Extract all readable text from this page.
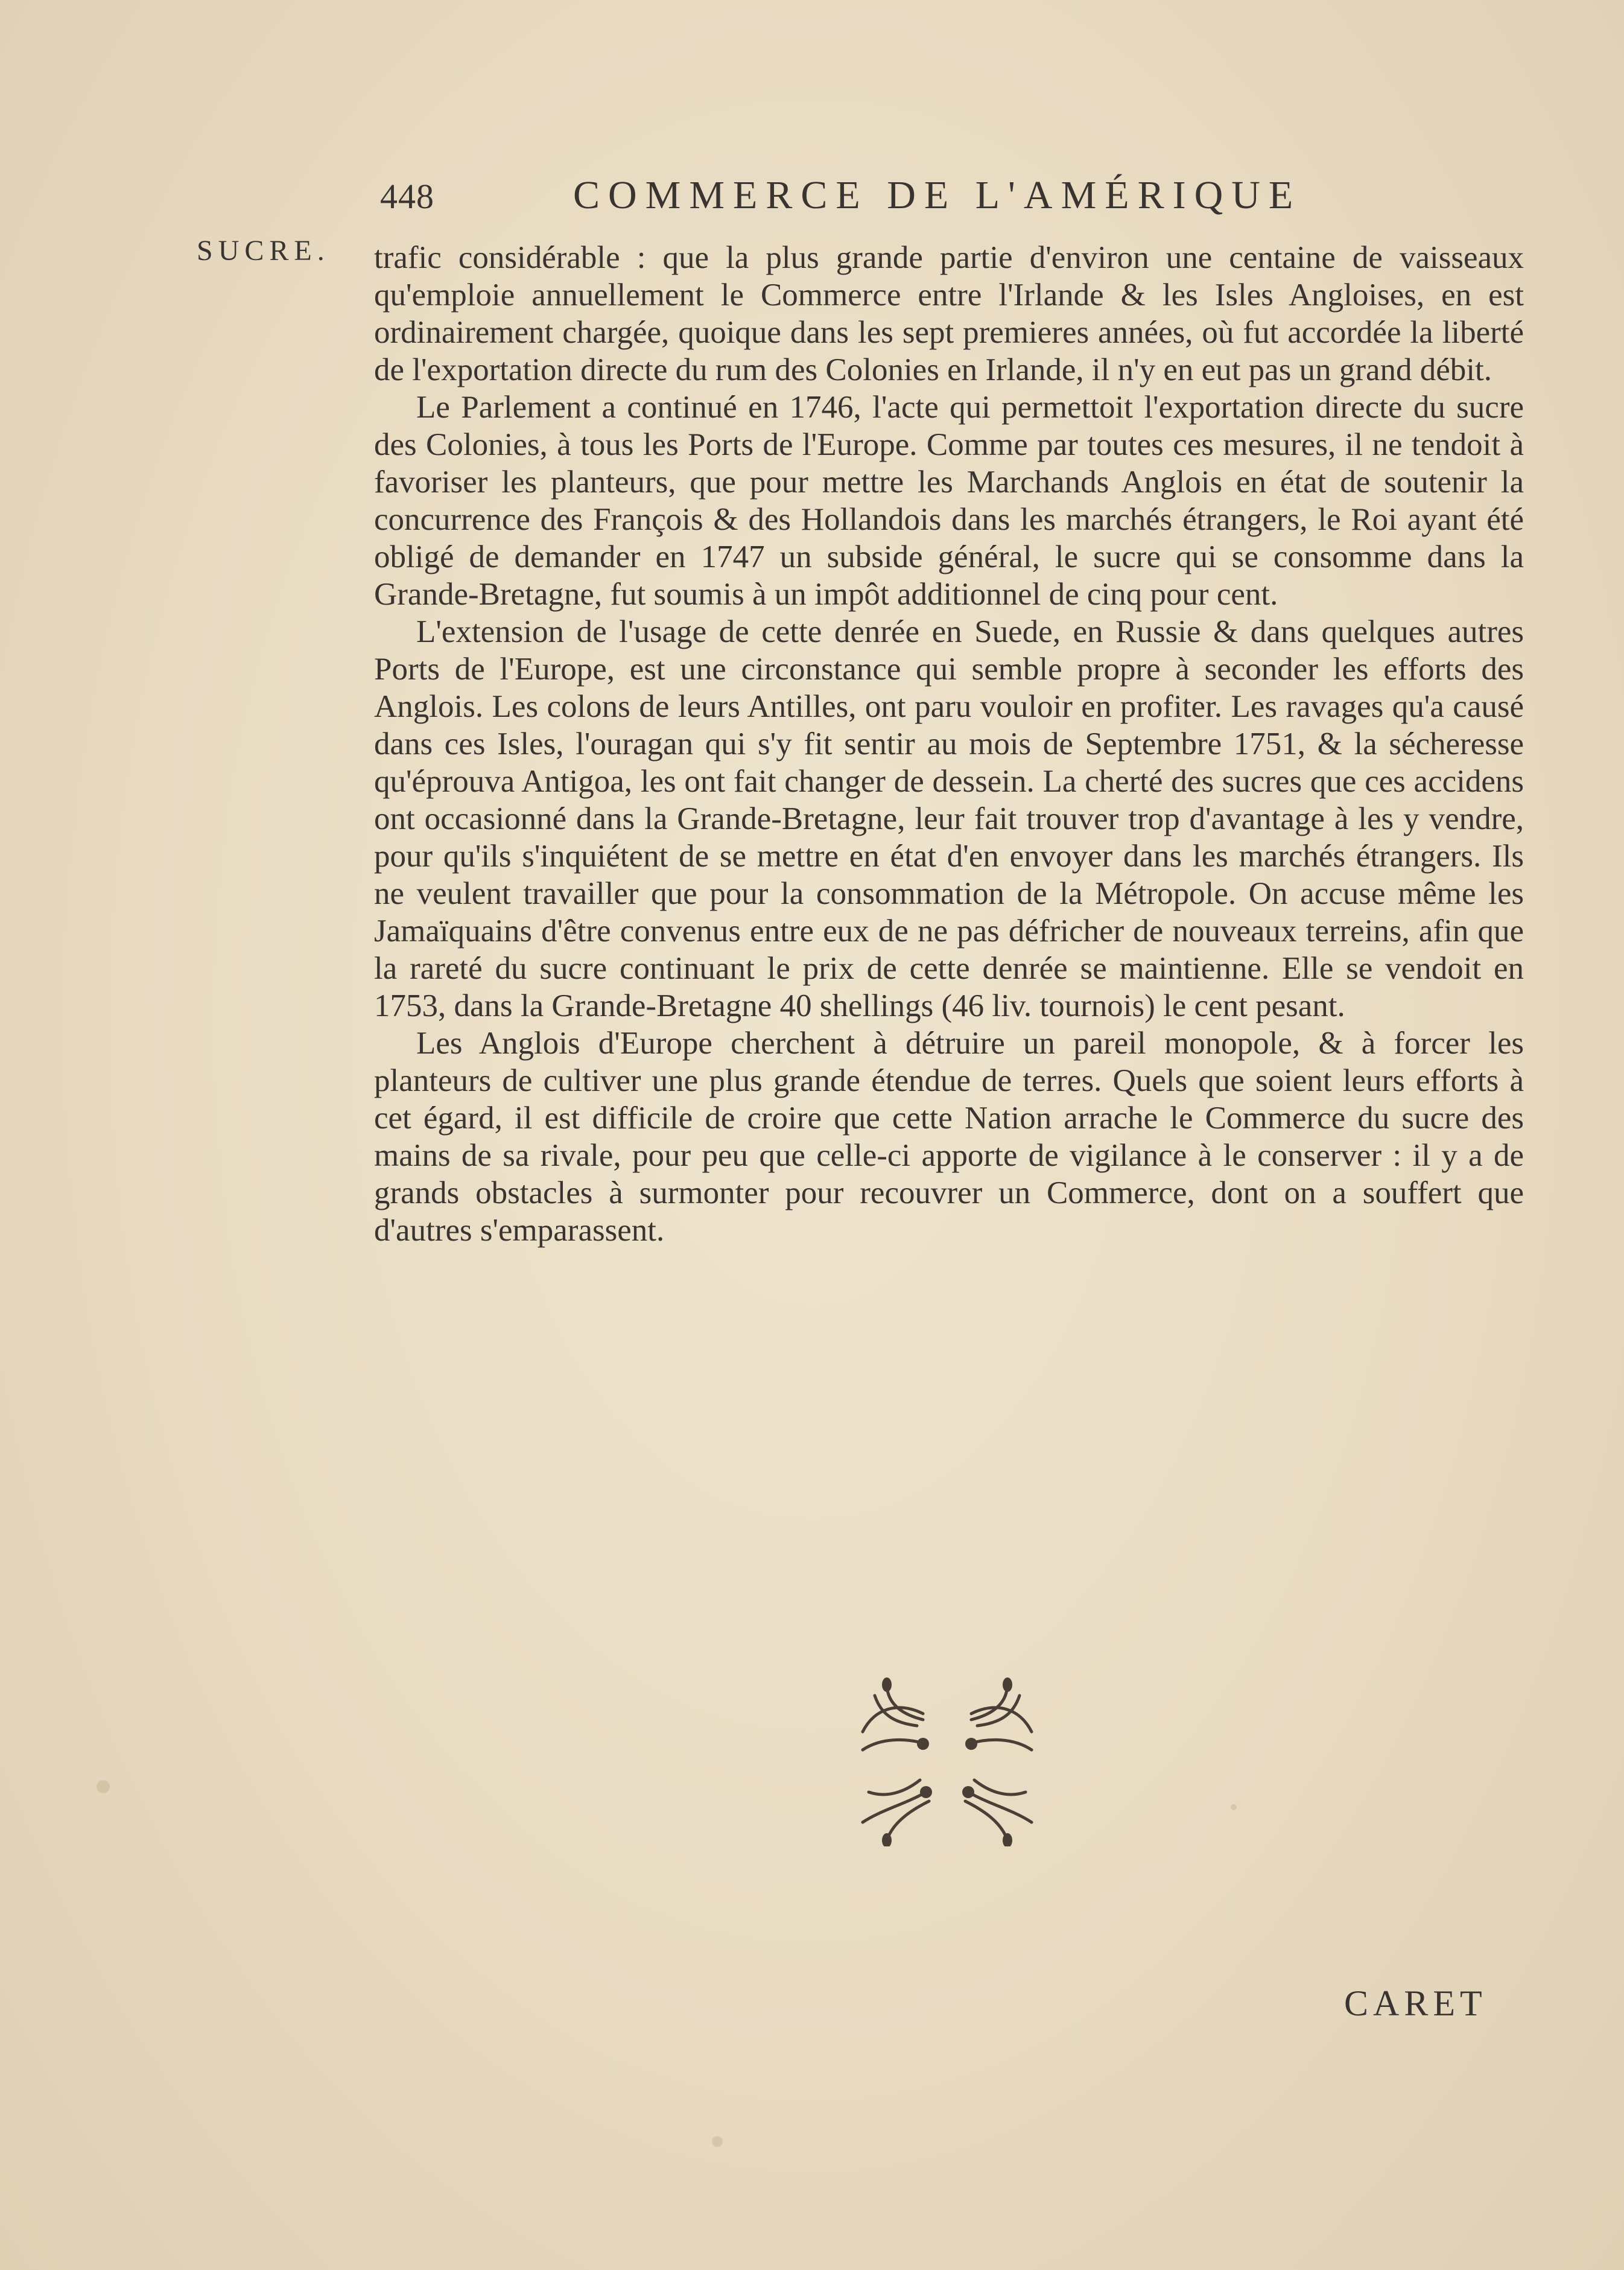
448	COMMERCE DE L'AMÉRIQUE
SUCRE. trafic considérable : que la plus grande partie d'environ une centaine de vaisseaux qu'emploie annuellement le Commerce entre l'Irlande & les Isles Angloises, en est ordinairement chargée, quoique dans les sept premieres années, où fut accordée la liberté de l'exportation directe du rum des Colonies en Irlande, il n'y en eut pas un grand débit.

Le Parlement a continué en 1746, l'acte qui permettoit l'exportation directe du sucre des Colonies, à tous les Ports de l'Europe. Comme par toutes ces mesures, il ne tendoit à favoriser les planteurs, que pour mettre les Marchands Anglois en état de soutenir la concurrence des François & des Hollandois dans les marchés étrangers, le Roi ayant été obligé de demander en 1747 un subside général, le sucre qui se consomme dans la Grande-Bretagne, fut soumis à un impôt additionnel de cinq pour cent.

L'extension de l'usage de cette denrée en Suede, en Russie & dans quelques autres Ports de l'Europe, est une circonstance qui semble propre à seconder les efforts des Anglois. Les colons de leurs Antilles, ont paru vouloir en profiter. Les ravages qu'a causé dans ces Isles, l'ouragan qui s'y fit sentir au mois de Septembre 1751, & la sécheresse qu'éprouva Antigoa, les ont fait changer de dessein. La cherté des sucres que ces accidens ont occasionné dans la Grande-Bretagne, leur fait trouver trop d'avantage à les y vendre, pour qu'ils s'inquiétent de se mettre en état d'en envoyer dans les marchés étrangers. Ils ne veulent travailler que pour la consommation de la Métropole. On accuse même les Jamaïquains d'être convenus entre eux de ne pas défricher de nouveaux terreins, afin que la rareté du sucre continuant le prix de cette denrée se maintienne. Elle se vendoit en 1753, dans la Grande-Bretagne 40 shellings (46 liv. tournois) le cent pesant.

Les Anglois d'Europe cherchent à détruire un pareil monopole, & à forcer les planteurs de cultiver une plus grande étendue de terres. Quels que soient leurs efforts à cet égard, il est difficile de croire que cette Nation arrache le Commerce du sucre des mains de sa rivale, pour peu que celle-ci apporte de vigilance à le conserver : il y a de grands obstacles à surmonter pour recouvrer un Commerce, dont on a souffert que d'autres s'emparassent.

CARET
